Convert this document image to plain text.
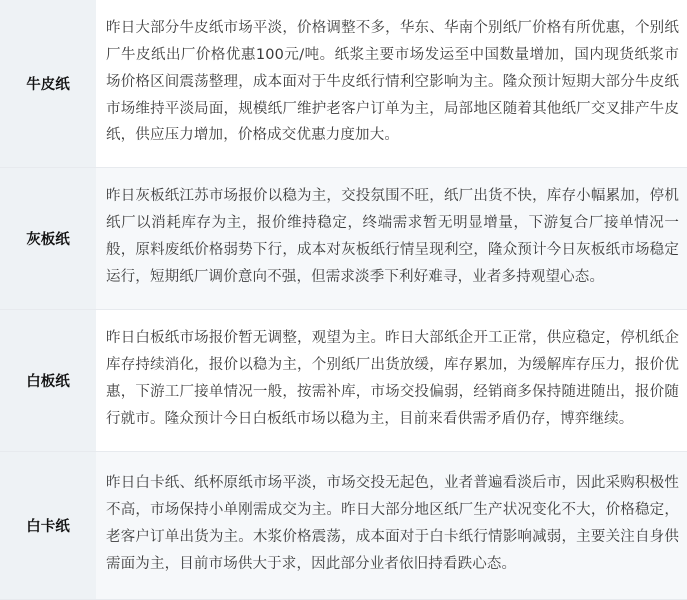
牛皮纸	昨日大部分牛皮纸市场平淡，价格调整不多，华东、华南个别纸厂价格有所优惠，个别纸厂牛皮纸出厂价格优惠100元/吨。纸浆主要市场发运至中国数量增加，国内现货纸浆市场价格区间震荡整理，成本面对于牛皮纸行情利空影响为主。隆众预计短期大部分牛皮纸市场维持平淡局面，规模纸厂维护老客户订单为主，局部地区随着其他纸厂交叉排产牛皮纸，供应压力增加，价格成交优惠力度加大。
灰板纸	昨日灰板纸江苏市场报价以稳为主，交投氛围不旺，纸厂出货不快，库存小幅累加，停机纸厂以消耗库存为主，报价维持稳定，终端需求暂无明显增量，下游复合厂接单情况一般，原料废纸价格弱势下行，成本对灰板纸行情呈现利空，隆众预计今日灰板纸市场稳定运行，短期纸厂调价意向不强，但需求淡季下利好难寻，业者多持观望心态。
白板纸	昨日白板纸市场报价暂无调整，观望为主。昨日大部纸企开工正常，供应稳定，停机纸企库存持续消化，报价以稳为主，个别纸厂出货放缓，库存累加，为缓解库存压力，报价优惠，下游工厂接单情况一般，按需补库，市场交投偏弱，经销商多保持随进随出，报价随行就市。隆众预计今日白板纸市场以稳为主，目前来看供需矛盾仍存，博弈继续。
白卡纸	昨日白卡纸、纸杯原纸市场平淡，市场交投无起色，业者普遍看淡后市，因此采购积极性不高，市场保持小单刚需成交为主。昨日大部分地区纸厂生产状况变化不大，价格稳定，老客户订单出货为主。木浆价格震荡，成本面对于白卡纸行情影响减弱，主要关注自身供需面为主，目前市场供大于求，因此部分业者依旧持看跌心态。
